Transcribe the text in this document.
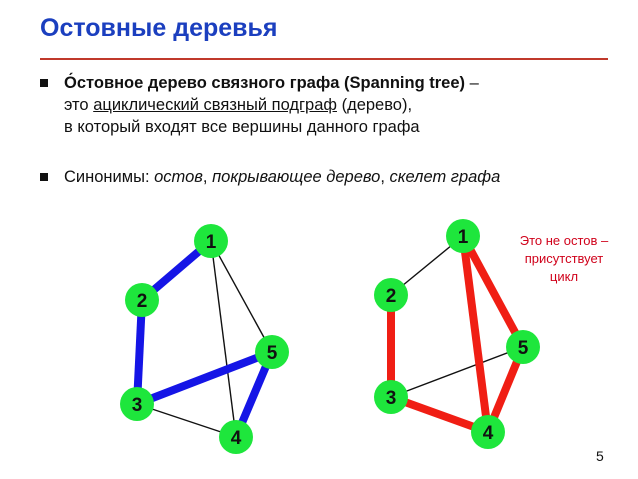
Остовные деревья
О́стовное дерево связного графа (Spanning tree) –
это ациклический связный подграф (дерево),
в который входят все вершины данного графа
Синонимы: остов, покрывающее дерево, скелет графа
1
2
3
4
5
1
2
3
4
5
Это не остов –
присутствует
цикл
5
